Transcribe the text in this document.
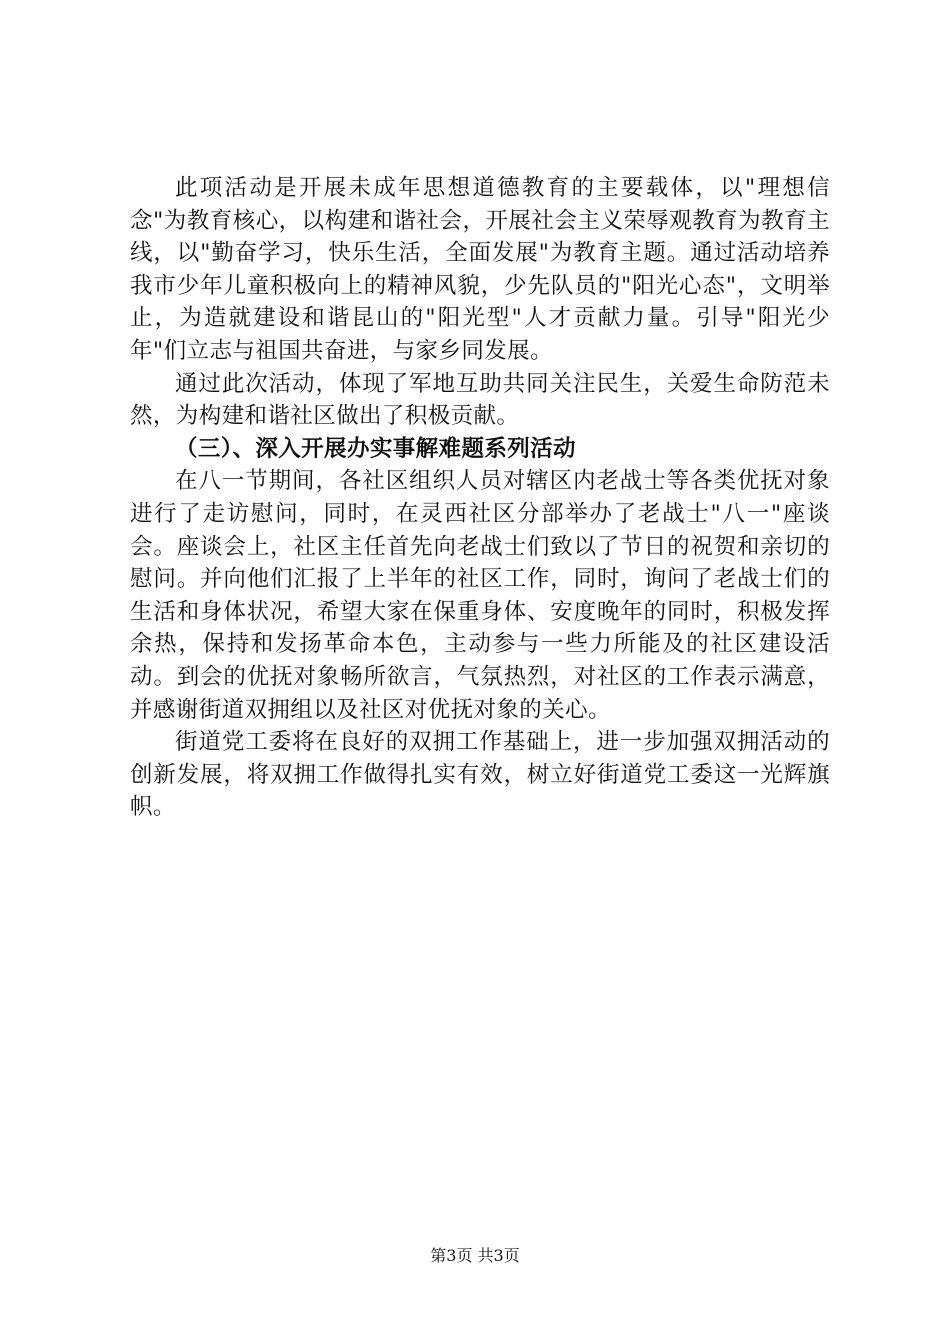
此项活动是开展未成年思想道德教育的主要载体，以"理想信念"为教育核心，以构建和谐社会，开展社会主义荣辱观教育为教育主线，以"勤奋学习，快乐生活，全面发展"为教育主题。通过活动培养我市少年儿童积极向上的精神风貌，少先队员的"阳光心态"，文明举止，为造就建设和谐昆山的"阳光型"人才贡献力量。引导"阳光少年"们立志与祖国共奋进，与家乡同发展。

通过此次活动，体现了军地互助共同关注民生，关爱生命防范未然，为构建和谐社区做出了积极贡献。

（三）、深入开展办实事解难题系列活动

在八一节期间，各社区组织人员对辖区内老战士等各类优抚对象进行了走访慰问，同时，在灵西社区分部举办了老战士"八一"座谈会。座谈会上，社区主任首先向老战士们致以了节日的祝贺和亲切的慰问。并向他们汇报了上半年的社区工作，同时，询问了老战士们的生活和身体状况，希望大家在保重身体、安度晚年的同时，积极发挥余热，保持和发扬革命本色，主动参与一些力所能及的社区建设活动。到会的优抚对象畅所欲言，气氛热烈，对社区的工作表示满意，并感谢街道双拥组以及社区对优抚对象的关心。

街道党工委将在良好的双拥工作基础上，进一步加强双拥活动的创新发展，将双拥工作做得扎实有效，树立好街道党工委这一光辉旗帜。

第3页 共3页
